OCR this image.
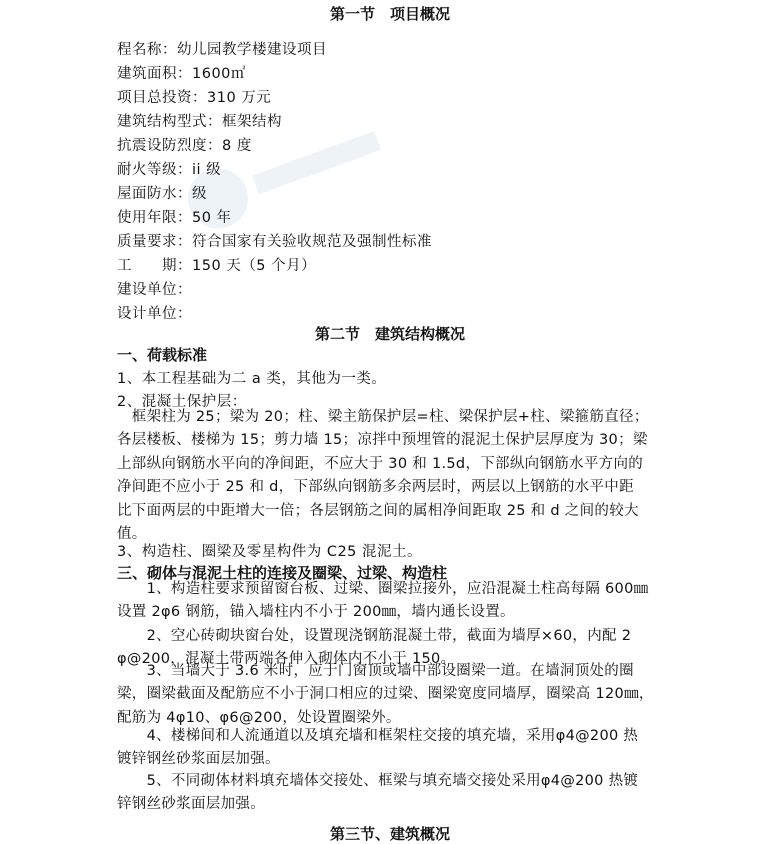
第一节　项目概况
程名称：幼儿园教学楼建设项目
建筑面积：1600㎡
项目总投资：310 万元
建筑结构型式：框架结构
抗震设防烈度：8 度
耐火等级：ii 级
屋面防水：级
使用年限：50 年
质量要求：符合国家有关验收规范及强制性标准
工　　期：150 天（5 个月）
建设单位：
设计单位：
第二节　建筑结构概况
一、荷载标准
1、本工程基础为二 a 类，其他为一类。
2、混凝土保护层：
　框架柱为 25；梁为 20；柱、梁主筋保护层=柱、梁保护层+柱、梁箍筋直径；
各层楼板、楼梯为 15；剪力墙 15；凉拌中预埋管的混泥土保护层厚度为 30；梁
上部纵向钢筋水平向的净间距，不应大于 30 和 1.5d，下部纵向钢筋水平方向的
净间距不应小于 25 和 d，下部纵向钢筋多余两层时，两层以上钢筋的水平中距
比下面两层的中距增大一倍；各层钢筋之间的属相净间距取 25 和 d 之间的较大
值。
3、构造柱、圈梁及零星构件为 C25 混泥土。
三、砌体与混泥土柱的连接及圈梁、过梁、构造柱
　　1、构造柱要求预留窗台板、过梁、圈梁拉接外，应沿混凝土柱高每隔 600㎜
设置 2φ6 钢筋，锚入墙柱内不小于 200㎜，墙内通长设置。
　　2、空心砖砌块窗台处，设置现浇钢筋混凝土带，截面为墙厚×60，内配 2
φ@200，混凝土带两端各伸入砌体内不小于 150。
　　3、当墙大于 3.6 米时，应于门窗顶或墙中部设圈梁一道。在墙洞顶处的圈
梁，圈梁截面及配筋应不小于洞口相应的过梁、圈梁宽度同墙厚，圈梁高 120㎜，
配筋为 4φ10、φ6@200，处设置圈梁外。
　　4、楼梯间和人流通道以及填充墙和框架柱交接的填充墙，采用φ4@200 热
镀锌钢丝砂浆面层加强。
　　5、不同砌体材料填充墙体交接处、框梁与填充墙交接处采用φ4@200 热镀
锌钢丝砂浆面层加强。
第三节、建筑概况
